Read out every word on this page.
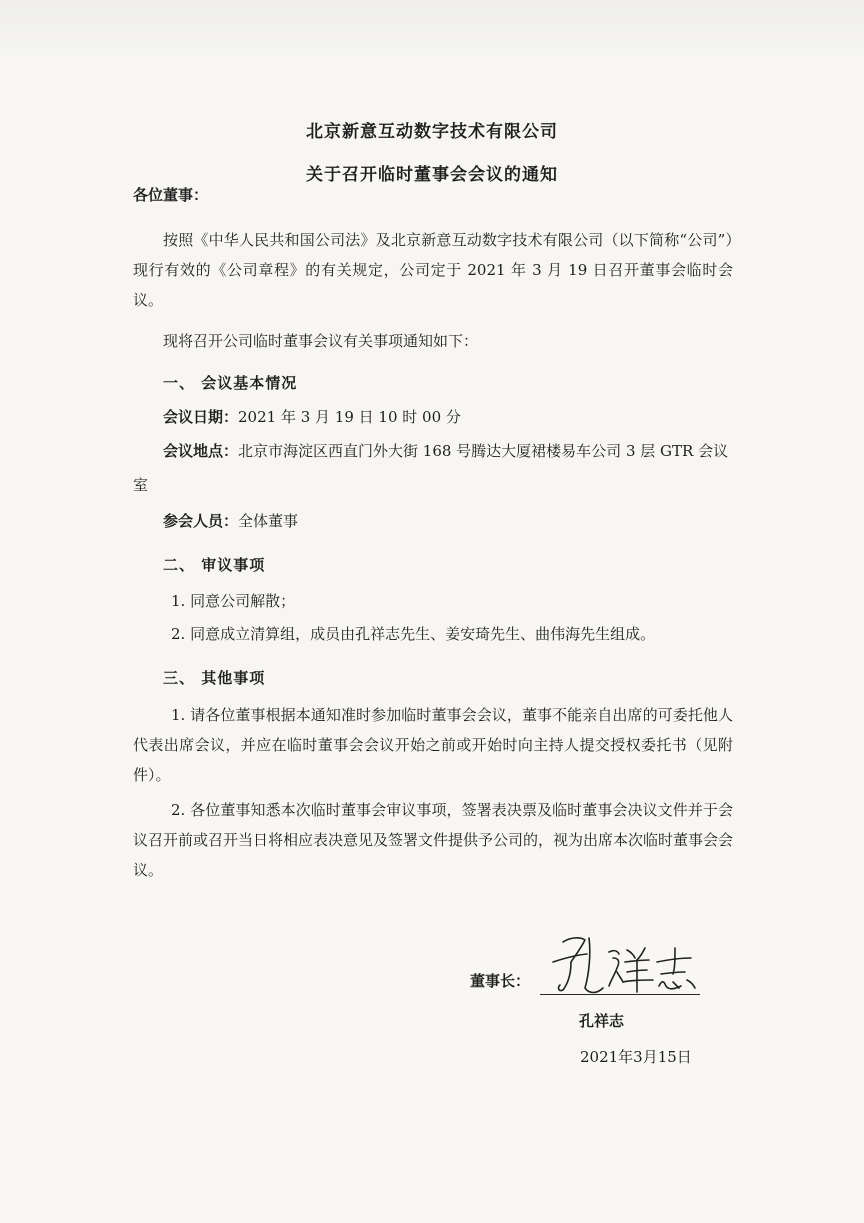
北京新意互动数字技术有限公司
关于召开临时董事会会议的通知
各位董事：
按照《中华人民共和国公司法》及北京新意互动数字技术有限公司（以下简称“公司”）现行有效的《公司章程》的有关规定，公司定于 2021 年 3 月 19 日召开董事会临时会议。
现将召开公司临时董事会议有关事项通知如下：
一、 会议基本情况
会议日期：2021 年 3 月 19 日 10 时 00 分
会议地点：北京市海淀区西直门外大街 168 号腾达大厦裙楼易车公司 3 层 GTR 会议室
参会人员：全体董事
二、 审议事项
1. 同意公司解散；
2. 同意成立清算组，成员由孔祥志先生、姜安琦先生、曲伟海先生组成。
三、 其他事项
1. 请各位董事根据本通知准时参加临时董事会会议，董事不能亲自出席的可委托他人代表出席会议，并应在临时董事会会议开始之前或开始时向主持人提交授权委托书（见附件）。
2. 各位董事知悉本次临时董事会审议事项，签署表决票及临时董事会决议文件并于会议召开前或召开当日将相应表决意见及签署文件提供予公司的，视为出席本次临时董事会会议。
董事长：
孔祥志
2021年3月15日
